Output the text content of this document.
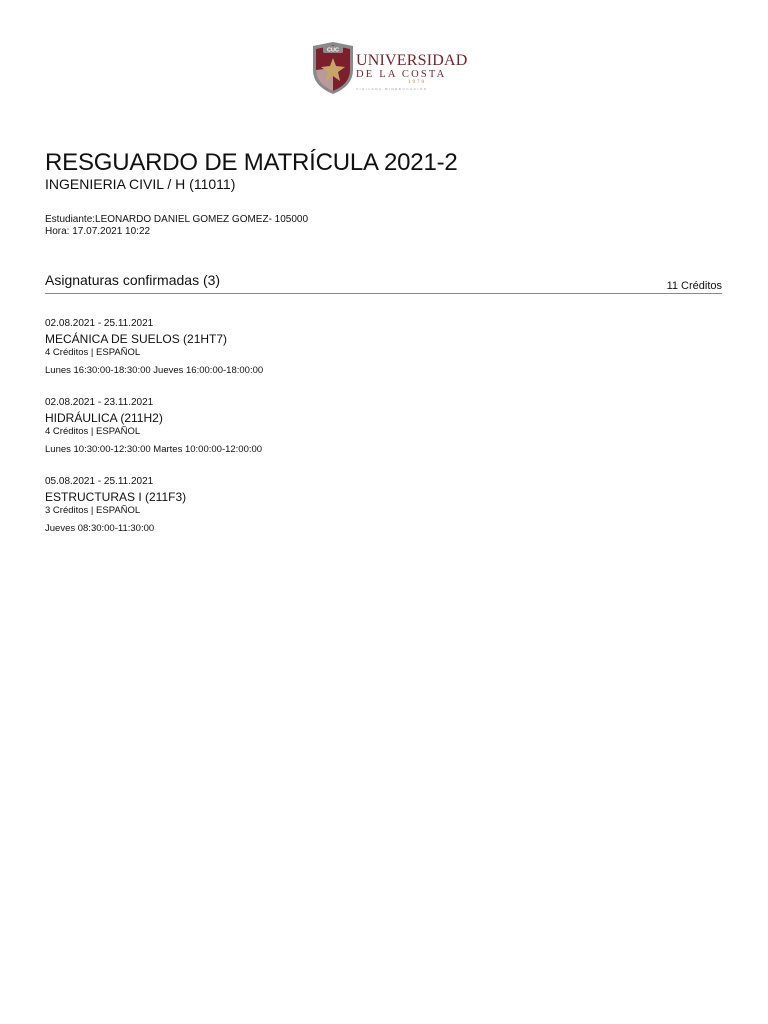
CUC
UNIVERSIDAD
DE LA COSTA
1970
VIGILADA MINEDUCACIÓN
RESGUARDO DE MATRÍCULA 2021-2
INGENIERIA CIVIL / H (11011)
Estudiante:LEONARDO DANIEL GOMEZ GOMEZ- 105000
Hora: 17.07.2021 10:22
Asignaturas confirmadas (3)	11 Créditos
02.08.2021 - 25.11.2021
MECÁNICA DE SUELOS (21HT7)
4 Créditos | ESPAÑOL
Lunes 16:30:00-18:30:00 Jueves 16:00:00-18:00:00
02.08.2021 - 23.11.2021
HIDRÁULICA (211H2)
4 Créditos | ESPAÑOL
Lunes 10:30:00-12:30:00 Martes 10:00:00-12:00:00
05.08.2021 - 25.11.2021
ESTRUCTURAS I (211F3)
3 Créditos | ESPAÑOL
Jueves 08:30:00-11:30:00
